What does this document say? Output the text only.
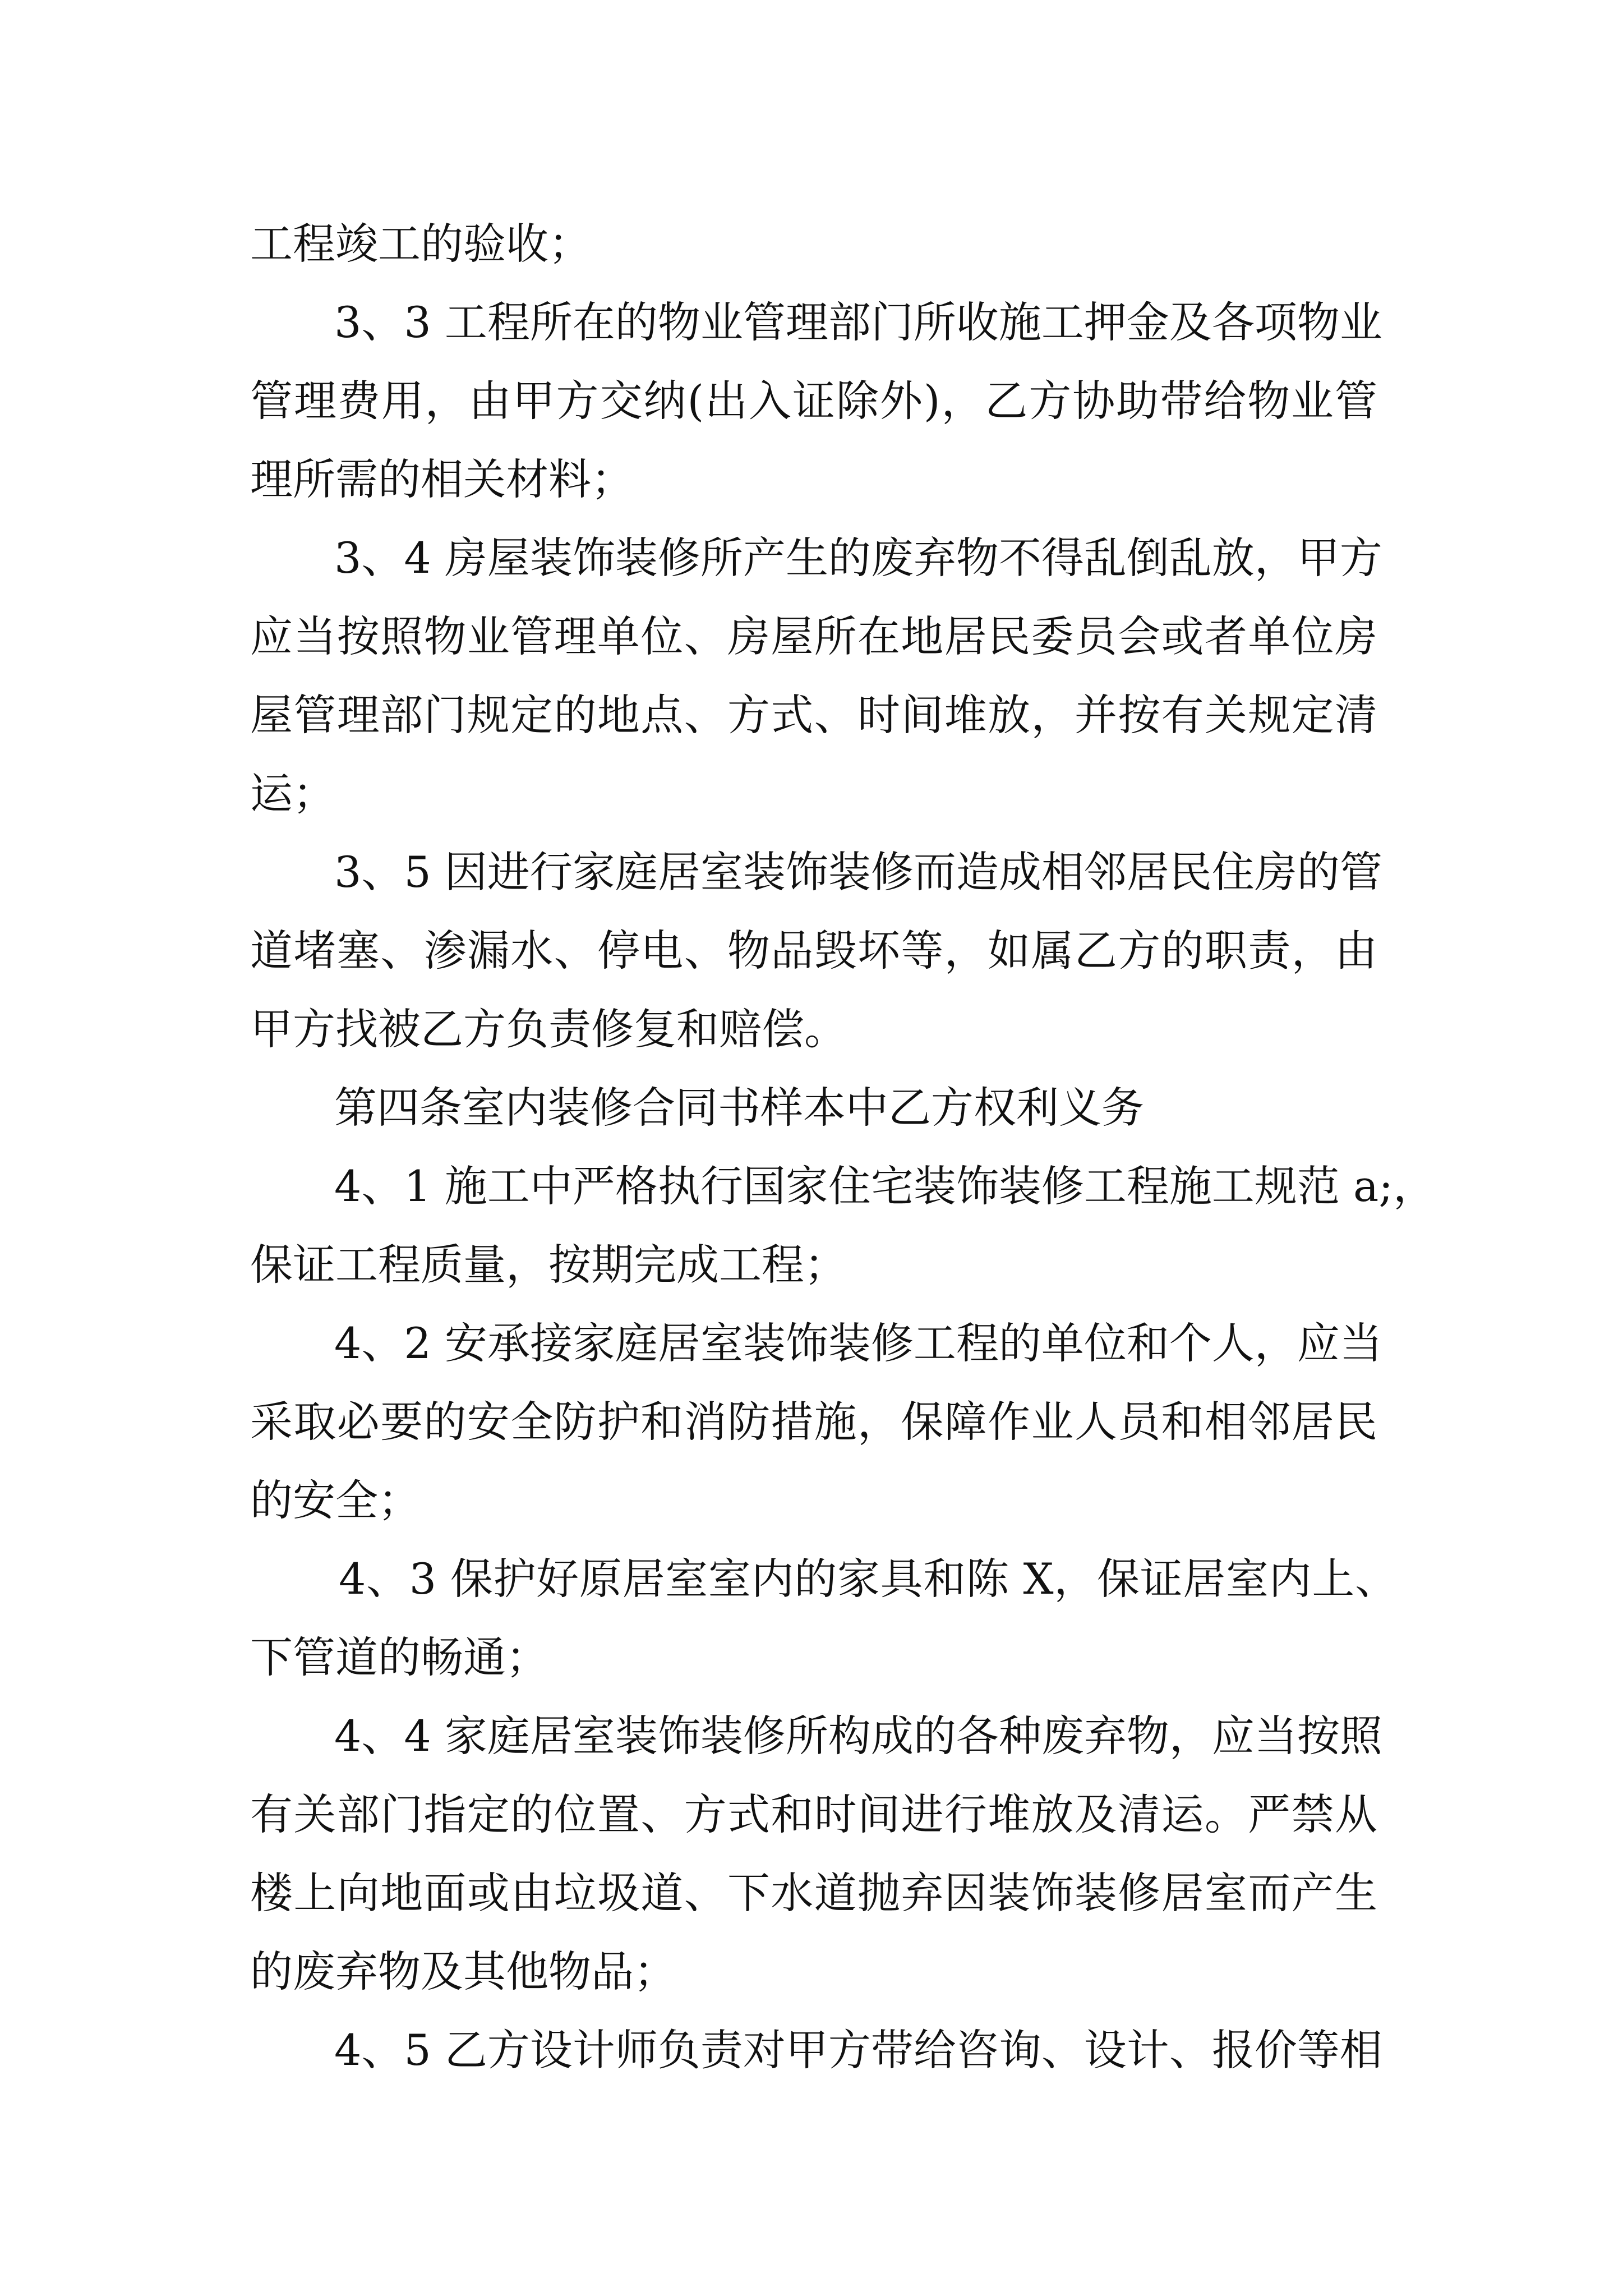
工程竣工的验收；
3、3 工程所在的物业管理部门所收施工押金及各项物业
管理费用，由甲方交纳(出入证除外)，乙方协助带给物业管
理所需的相关材料；
3、4 房屋装饰装修所产生的废弃物不得乱倒乱放，甲方
应当按照物业管理单位、房屋所在地居民委员会或者单位房
屋管理部门规定的地点、方式、时间堆放，并按有关规定清
运；
3、5 因进行家庭居室装饰装修而造成相邻居民住房的管
道堵塞、渗漏水、停电、物品毁坏等，如属乙方的职责，由
甲方找被乙方负责修复和赔偿。
第四条室内装修合同书样本中乙方权利义务
4、1 施工中严格执行国家住宅装饰装修工程施工规范 a;，
保证工程质量，按期完成工程；
4、2 安承接家庭居室装饰装修工程的单位和个人，应当
采取必要的安全防护和消防措施，保障作业人员和相邻居民
的安全；
4、3 保护好原居室室内的家具和陈 X，保证居室内上、
下管道的畅通；
4、4 家庭居室装饰装修所构成的各种废弃物，应当按照
有关部门指定的位置、方式和时间进行堆放及清运。严禁从
楼上向地面或由垃圾道、下水道抛弃因装饰装修居室而产生
的废弃物及其他物品；
4、5 乙方设计师负责对甲方带给咨询、设计、报价等相
